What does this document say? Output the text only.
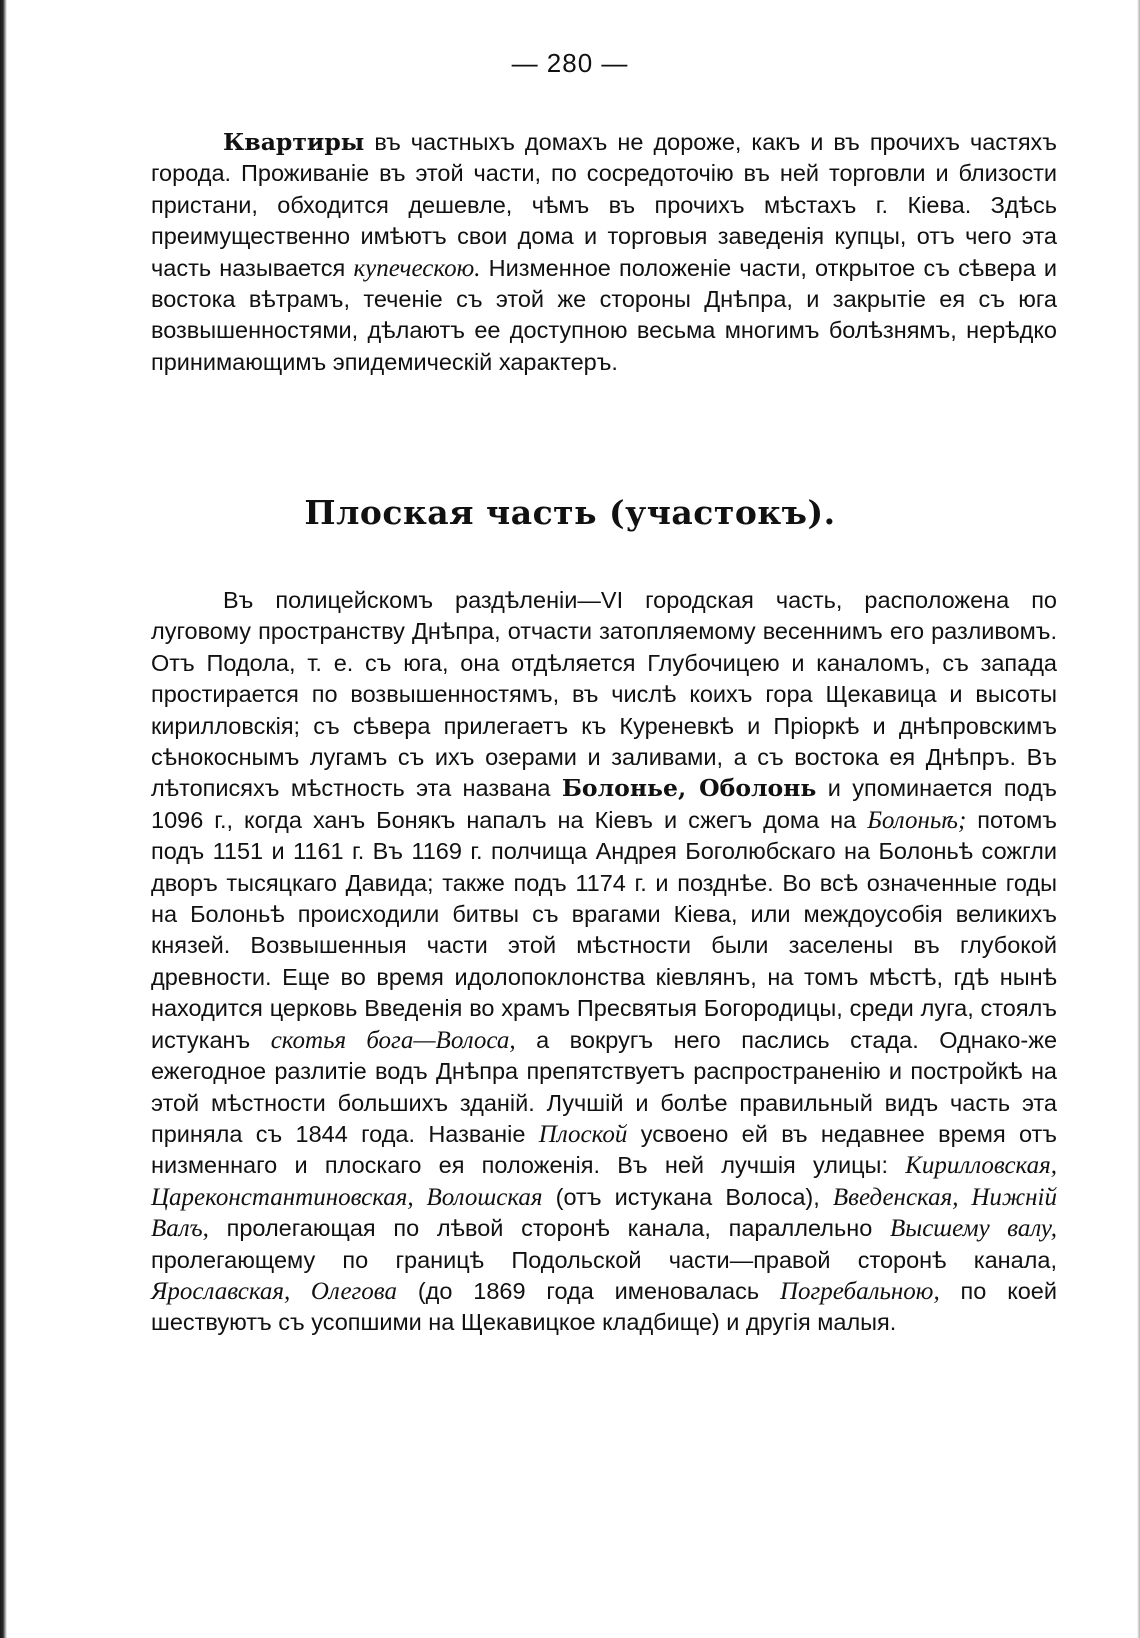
— 280 —
Квартиры въ частныхъ домахъ не дороже, какъ и въ прочихъ частяхъ города. Проживаніе въ этой части, по сосредоточію въ ней торговли и близости пристани, обходится дешевле, чѣмъ въ прочихъ мѣстахъ г. Кіева. Здѣсь преимущественно имѣютъ свои дома и торговыя заведенія купцы, отъ чего эта часть называется купеческою. Низменное положеніе части, открытое съ сѣвера и востока вѣтрамъ, теченіе съ этой же стороны Днѣпра, и закрытіе ея съ юга возвышенностями, дѣлаютъ ее доступною весьма многимъ болѣзнямъ, нерѣдко принимающимъ эпидемическій характеръ.
Плоская часть (участокъ).
Въ полицейскомъ раздѣленіи—VI городская часть, расположена по луговому пространству Днѣпра, отчасти затопляемому весеннимъ его разливомъ. Отъ Подола, т. е. съ юга, она отдѣляется Глубочицею и каналомъ, съ запада простирается по возвышенностямъ, въ числѣ коихъ гора Щекавица и высоты кирилловскія; съ сѣвера прилегаетъ къ Куреневкѣ и Пріоркѣ и днѣпровскимъ сѣнокоснымъ лугамъ съ ихъ озерами и заливами, а съ востока ея Днѣпръ. Въ лѣтописяхъ мѣстность эта названа Болонье, Оболонь и упоминается подъ 1096 г., когда ханъ Бонякъ напалъ на Кіевъ и сжегъ дома на Болоньѣ; потомъ подъ 1151 и 1161 г. Въ 1169 г. полчища Андрея Боголюбскаго на Болоньѣ сожгли дворъ тысяцкаго Давида; также подъ 1174 г. и позднѣе. Во всѣ означенные годы на Болоньѣ происходили битвы съ врагами Кіева, или междоусобія великихъ князей. Возвышенныя части этой мѣстности были заселены въ глубокой древности. Еще во время идолопоклонства кіевлянъ, на томъ мѣстѣ, гдѣ нынѣ находится церковь Введенія во храмъ Пресвятыя Богородицы, среди луга, стоялъ истуканъ скотья бога—Волоса, а вокругъ него паслись стада. Однако-же ежегодное разлитіе водъ Днѣпра препятствуетъ распространенію и постройкѣ на этой мѣстности большихъ зданій. Лучшій и болѣе правильный видъ часть эта приняла съ 1844 года. Названіе Плоской усвоено ей въ недавнее время отъ низменнаго и плоскаго ея положенія. Въ ней лучшія улицы: Кирилловская, Цареконстантиновская, Волошская (отъ истукана Волоса), Введенская, Нижній Валъ, пролегающая по лѣвой сторонѣ канала, параллельно Высшему валу, пролегающему по границѣ Подольской части—правой сторонѣ канала, Ярославская, Олегова (до 1869 года именовалась Погребальною, по коей шествуютъ съ усопшими на Щекавицкое кладбище) и другія малыя.
